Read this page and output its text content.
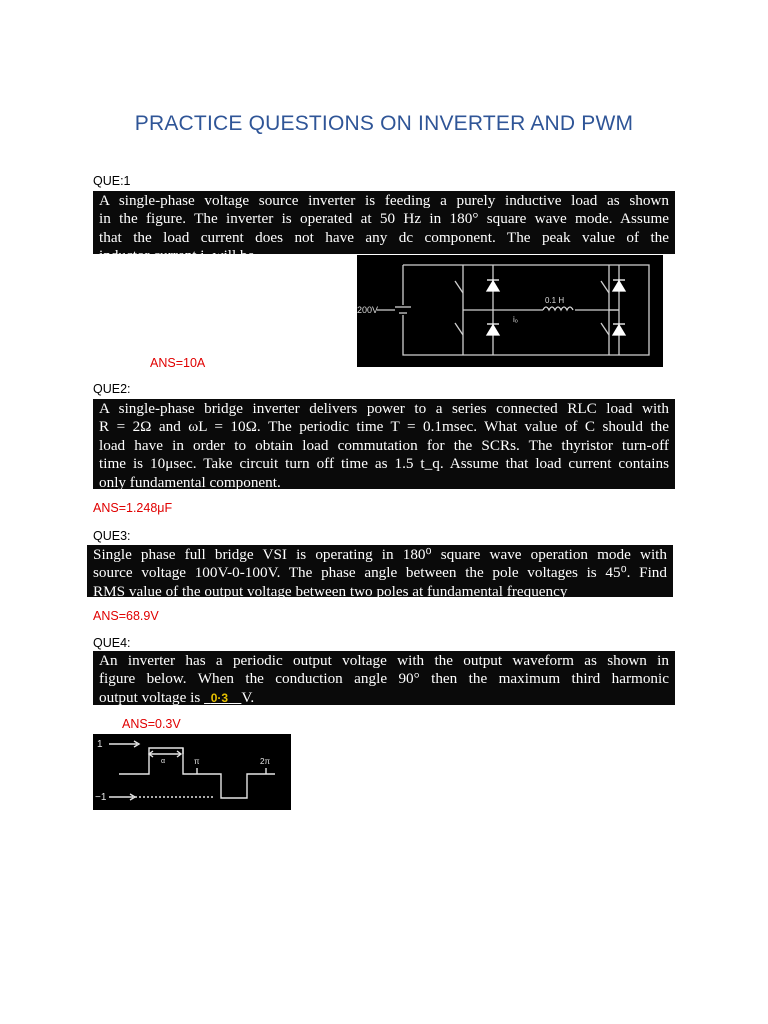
PRACTICE QUESTIONS ON INVERTER AND PWM
QUE:1
A single-phase voltage source inverter is feeding a purely inductive load as shown
in the figure. The inverter is operated at 50 Hz in 180° square wave mode. Assume
that the load current does not have any dc component. The peak value of the
inductor current iₒ will be
ANS=10A
200V
0.1 H
iₒ
QUE2:
A single-phase bridge inverter delivers power to a series connected RLC load with
R = 2Ω and ωL = 10Ω. The periodic time T = 0.1msec. What value of C should the
load have in order to obtain load commutation for the SCRs. The thyristor turn-off
time is 10μsec. Take circuit turn off time as 1.5 t_q. Assume that load current contains
only fundamental component.
ANS=1.248μF
QUE3:
Single phase full bridge VSI is operating in 180⁰ square wave operation mode with
source voltage 100V-0-100V. The phase angle between the pole voltages is 45⁰. Find
RMS value of the output voltage between two poles at fundamental frequency
ANS=68.9V
QUE4:
An inverter has a periodic output voltage with the output waveform as shown in
figure below. When the conduction angle 90° then the maximum third harmonic
output voltage is 0·3 V.
ANS=0.3V
1
−1
α	π	2π
